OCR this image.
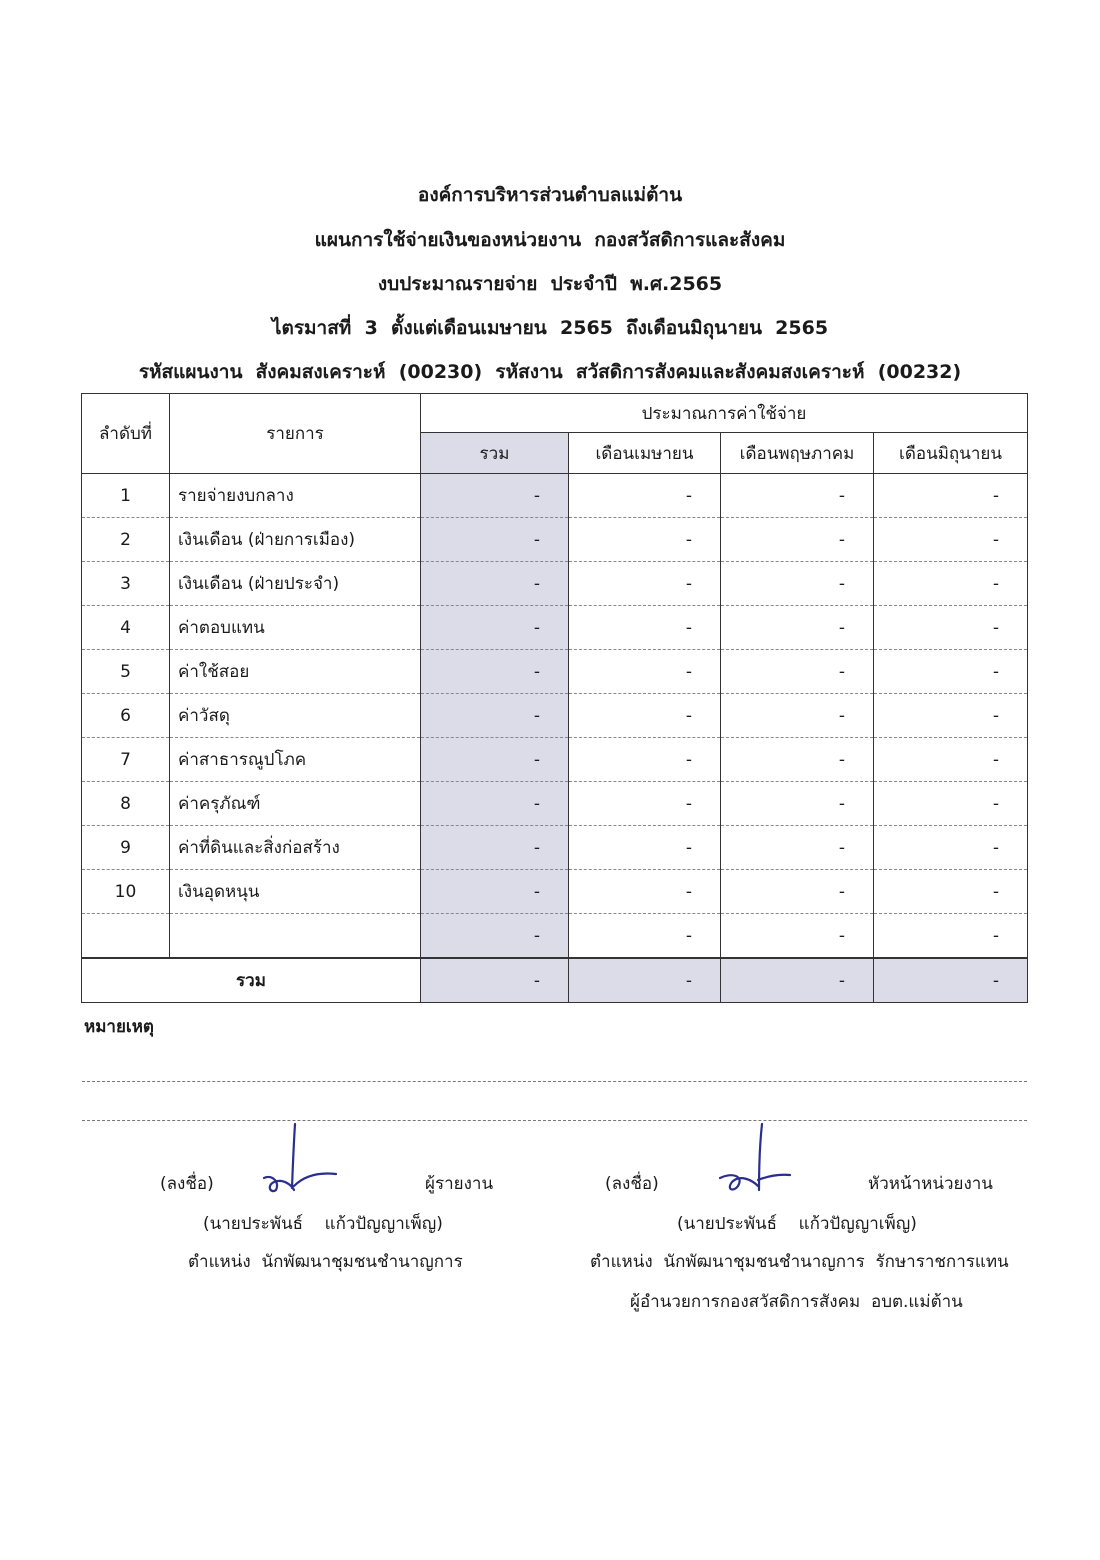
องค์การบริหารส่วนตำบลแม่ต้าน
แผนการใช้จ่ายเงินของหน่วยงาน  กองสวัสดิการและสังคม
งบประมาณรายจ่าย  ประจำปี  พ.ศ.2565
ไตรมาสที่  3  ตั้งแต่เดือนเมษายน  2565  ถึงเดือนมิถุนายน  2565
รหัสแผนงาน  สังคมสงเคราะห์  (00230)  รหัสงาน  สวัสดิการสังคมและสังคมสงเคราะห์  (00232)
ลำดับที่	รายการ	ประมาณการค่าใช้จ่าย			
		รวม	เดือนเมษายน	เดือนพฤษภาคม	เดือนมิถุนายน
1	รายจ่ายงบกลาง	-	-	-	-
2	เงินเดือน (ฝ่ายการเมือง)	-	-	-	-
3	เงินเดือน (ฝ่ายประจำ)	-	-	-	-
4	ค่าตอบแทน	-	-	-	-
5	ค่าใช้สอย	-	-	-	-
6	ค่าวัสดุ	-	-	-	-
7	ค่าสาธารณูปโภค	-	-	-	-
8	ค่าครุภัณฑ์	-	-	-	-
9	ค่าที่ดินและสิ่งก่อสร้าง	-	-	-	-
10	เงินอุดหนุน	-	-	-	-
		-	-	-	-
รวม		-	-	-	-
หมายเหตุ
(ลงชื่อ)	ผู้รายงาน
(นายประพันธ์    แก้วปัญญาเพ็ญ)
ตำแหน่ง  นักพัฒนาชุมชนชำนาญการ
(ลงชื่อ)	หัวหน้าหน่วยงาน
(นายประพันธ์    แก้วปัญญาเพ็ญ)
ตำแหน่ง  นักพัฒนาชุมชนชำนาญการ  รักษาราชการแทน
ผู้อำนวยการกองสวัสดิการสังคม  อบต.แม่ต้าน
